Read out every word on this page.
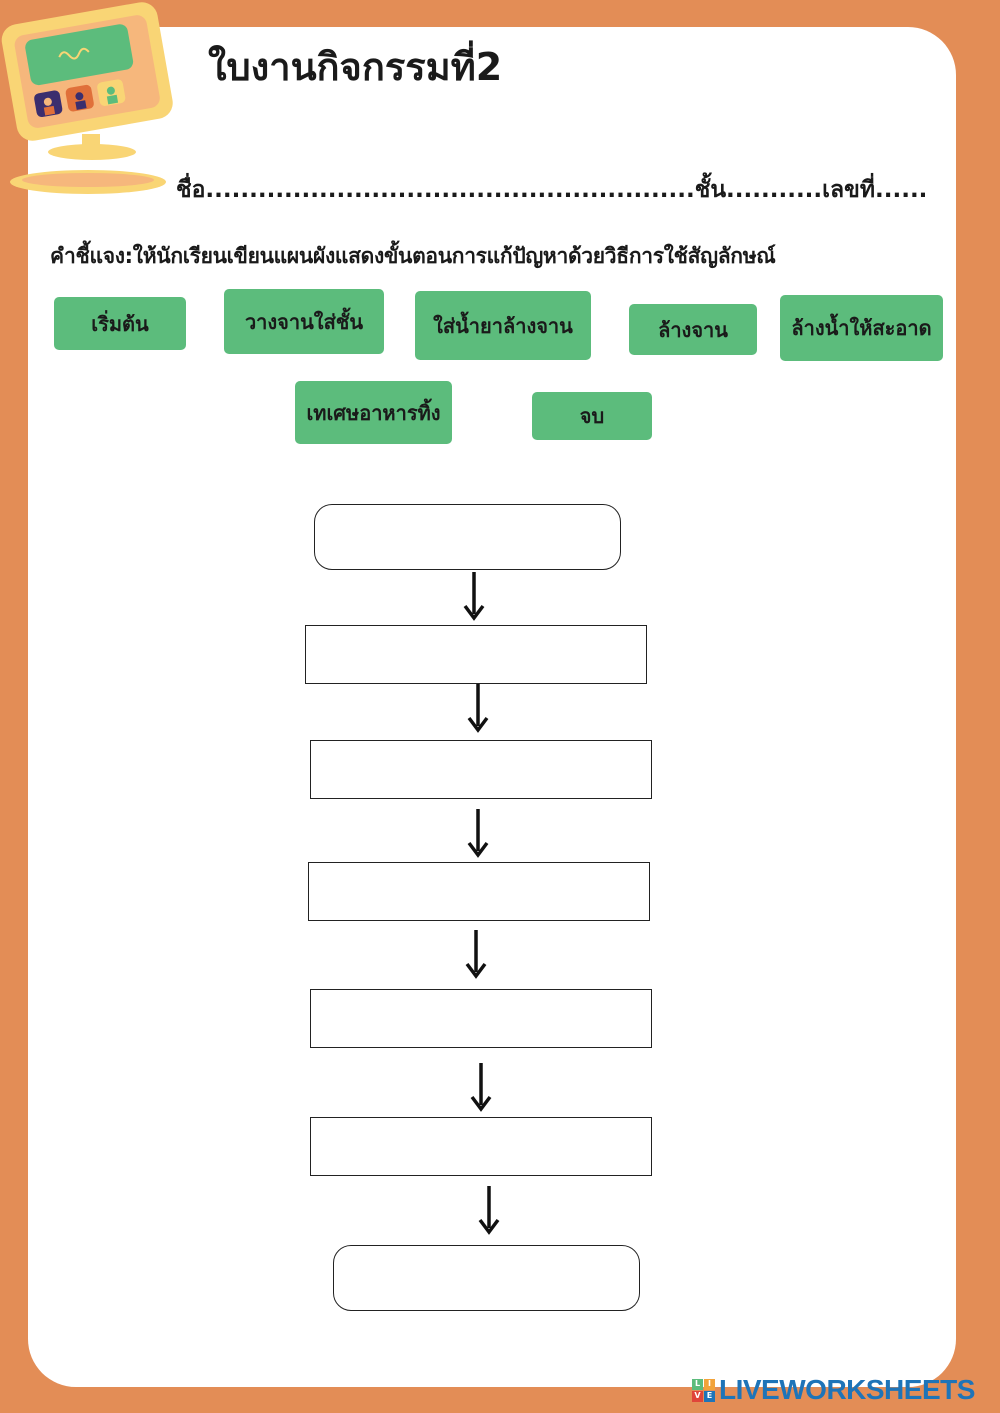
ใบงานกิจกรรมที่2
ชื่อ........................................................ชั้น...........เลขที่......
คำชี้แจง:ให้นักเรียนเขียนแผนผังแสดงขั้นตอนการแก้ปัญหาด้วยวิธีการใช้สัญลักษณ์
เริ่มต้น	วางจานใส่ชั้น	ใส่น้ำยาล้างจาน	ล้างจาน	ล้างน้ำให้สะอาด
เทเศษอาหารทิ้ง	จบ
L I
V E LIVEWORKSHEETS
